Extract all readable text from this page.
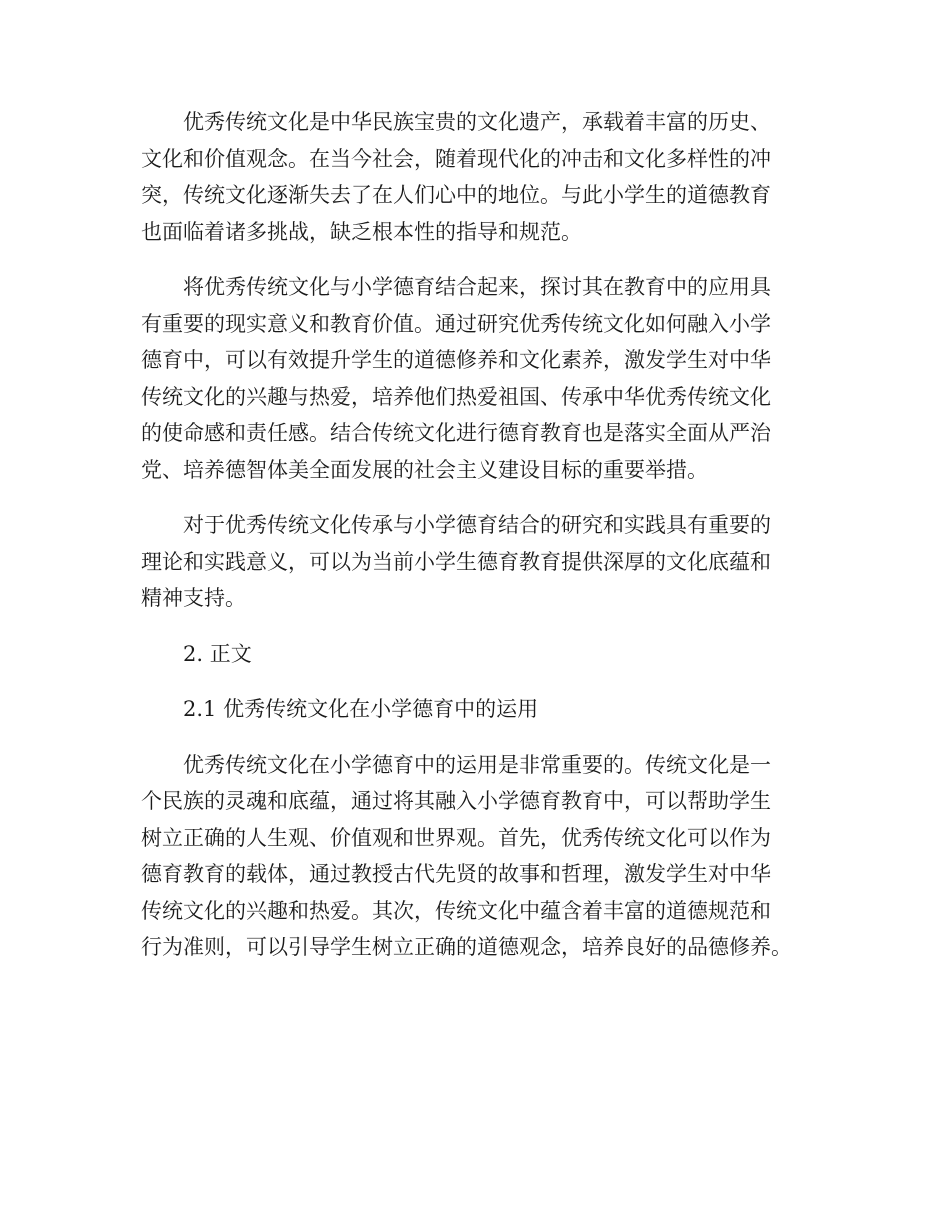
优秀传统文化是中华民族宝贵的文化遗产，承载着丰富的历史、
文化和价值观念。在当今社会，随着现代化的冲击和文化多样性的冲
突，传统文化逐渐失去了在人们心中的地位。与此小学生的道德教育
也面临着诸多挑战，缺乏根本性的指导和规范。
将优秀传统文化与小学德育结合起来，探讨其在教育中的应用具
有重要的现实意义和教育价值。通过研究优秀传统文化如何融入小学
德育中，可以有效提升学生的道德修养和文化素养，激发学生对中华
传统文化的兴趣与热爱，培养他们热爱祖国、传承中华优秀传统文化
的使命感和责任感。结合传统文化进行德育教育也是落实全面从严治
党、培养德智体美全面发展的社会主义建设目标的重要举措。
对于优秀传统文化传承与小学德育结合的研究和实践具有重要的
理论和实践意义，可以为当前小学生德育教育提供深厚的文化底蕴和
精神支持。
2. 正文
2.1 优秀传统文化在小学德育中的运用
优秀传统文化在小学德育中的运用是非常重要的。传统文化是一
个民族的灵魂和底蕴，通过将其融入小学德育教育中，可以帮助学生
树立正确的人生观、价值观和世界观。首先，优秀传统文化可以作为
德育教育的载体，通过教授古代先贤的故事和哲理，激发学生对中华
传统文化的兴趣和热爱。其次，传统文化中蕴含着丰富的道德规范和
行为准则，可以引导学生树立正确的道德观念，培养良好的品德修养。
